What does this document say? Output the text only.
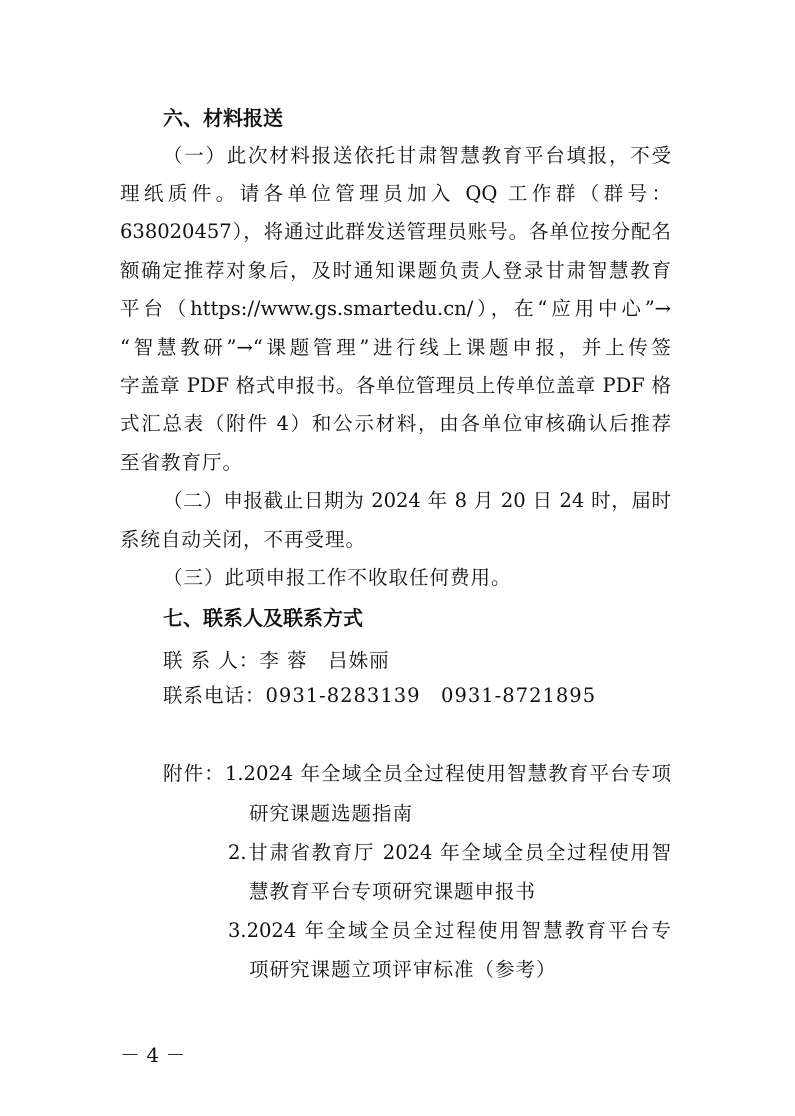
六、材料报送
（一）此次材料报送依托甘肃智慧教育平台填报，不受
理纸质件。请各单位管理员加入 QQ 工作群（群号：
638020457），将通过此群发送管理员账号。各单位按分配名
额确定推荐对象后，及时通知课题负责人登录甘肃智慧教育
平台（https://www.gs.smartedu.cn/），在“应用中心”→
“智慧教研”→“课题管理”进行线上课题申报，并上传签
字盖章 PDF 格式申报书。各单位管理员上传单位盖章 PDF 格
式汇总表（附件 4）和公示材料，由各单位审核确认后推荐
至省教育厅。
（二）申报截止日期为 2024 年 8 月 20 日 24 时，届时
系统自动关闭，不再受理。
（三）此项申报工作不收取任何费用。
七、联系人及联系方式
联 系 人：李 蓉　吕姝丽
联系电话：0931-8283139　0931-8721895
附件：1.2024 年全域全员全过程使用智慧教育平台专项
研究课题选题指南
2.甘肃省教育厅 2024 年全域全员全过程使用智
慧教育平台专项研究课题申报书
3.2024 年全域全员全过程使用智慧教育平台专
项研究课题立项评审标准（参考）
－ 4 －
